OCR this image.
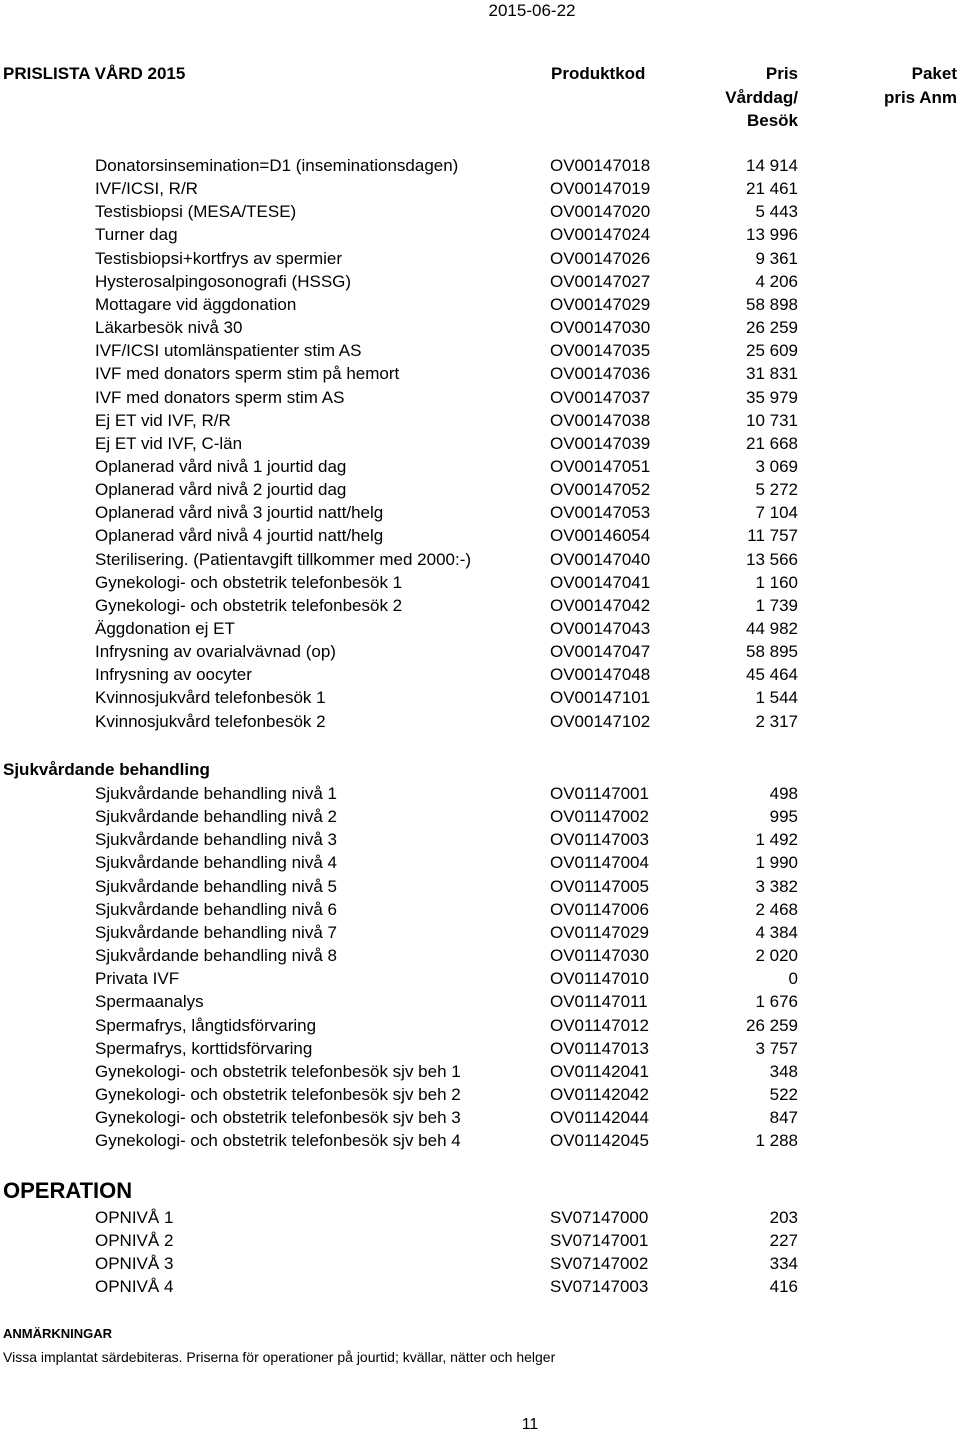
2015-06-22
PRISLISTA VÅRD 2015	Produktkod	Pris
Vårddag/
Besök
Paket
pris Anm
Donatorsinsemination=D1 (inseminationsdagen)	OV00147018	14 914
IVF/ICSI, R/R	OV00147019	21 461
Testisbiopsi (MESA/TESE)	OV00147020	5 443
Turner dag	OV00147024	13 996
Testisbiopsi+kortfrys av spermier	OV00147026	9 361
Hysterosalpingosonografi (HSSG)	OV00147027	4 206
Mottagare vid äggdonation	OV00147029	58 898
Läkarbesök nivå 30	OV00147030	26 259
IVF/ICSI utomlänspatienter stim AS	OV00147035	25 609
IVF med donators sperm stim på hemort	OV00147036	31 831
IVF med donators sperm stim AS	OV00147037	35 979
Ej ET vid IVF, R/R	OV00147038	10 731
Ej ET vid IVF, C-län	OV00147039	21 668
Oplanerad vård nivå 1 jourtid dag	OV00147051	3 069
Oplanerad vård nivå 2 jourtid dag	OV00147052	5 272
Oplanerad vård nivå 3 jourtid natt/helg	OV00147053	7 104
Oplanerad vård nivå 4 jourtid natt/helg	OV00146054	11 757
Sterilisering. (Patientavgift tillkommer med 2000:-)	OV00147040	13 566
Gynekologi- och obstetrik telefonbesök 1	OV00147041	1 160
Gynekologi- och obstetrik telefonbesök 2	OV00147042	1 739
Äggdonation ej ET	OV00147043	44 982
Infrysning av ovarialvävnad (op)	OV00147047	58 895
Infrysning av oocyter	OV00147048	45 464
Kvinnosjukvård telefonbesök 1	OV00147101	1 544
Kvinnosjukvård telefonbesök 2	OV00147102	2 317
Sjukvårdande behandling
Sjukvårdande behandling nivå 1	OV01147001	498
Sjukvårdande behandling nivå 2	OV01147002	995
Sjukvårdande behandling nivå 3	OV01147003	1 492
Sjukvårdande behandling nivå 4	OV01147004	1 990
Sjukvårdande behandling nivå 5	OV01147005	3 382
Sjukvårdande behandling nivå 6	OV01147006	2 468
Sjukvårdande behandling nivå 7	OV01147029	4 384
Sjukvårdande behandling nivå 8	OV01147030	2 020
Privata IVF	OV01147010	0
Spermaanalys	OV01147011	1 676
Spermafrys, långtidsförvaring	OV01147012	26 259
Spermafrys, korttidsförvaring	OV01147013	3 757
Gynekologi- och obstetrik telefonbesök sjv beh 1	OV01142041	348
Gynekologi- och obstetrik telefonbesök sjv beh 2	OV01142042	522
Gynekologi- och obstetrik telefonbesök sjv beh 3	OV01142044	847
Gynekologi- och obstetrik telefonbesök sjv beh 4	OV01142045	1 288
OPERATION
OPNIVÅ 1	SV07147000	203
OPNIVÅ 2	SV07147001	227
OPNIVÅ 3	SV07147002	334
OPNIVÅ 4	SV07147003	416
ANMÄRKNINGAR
Vissa implantat särdebiteras. Priserna för operationer på jourtid; kvällar, nätter och helger
11
